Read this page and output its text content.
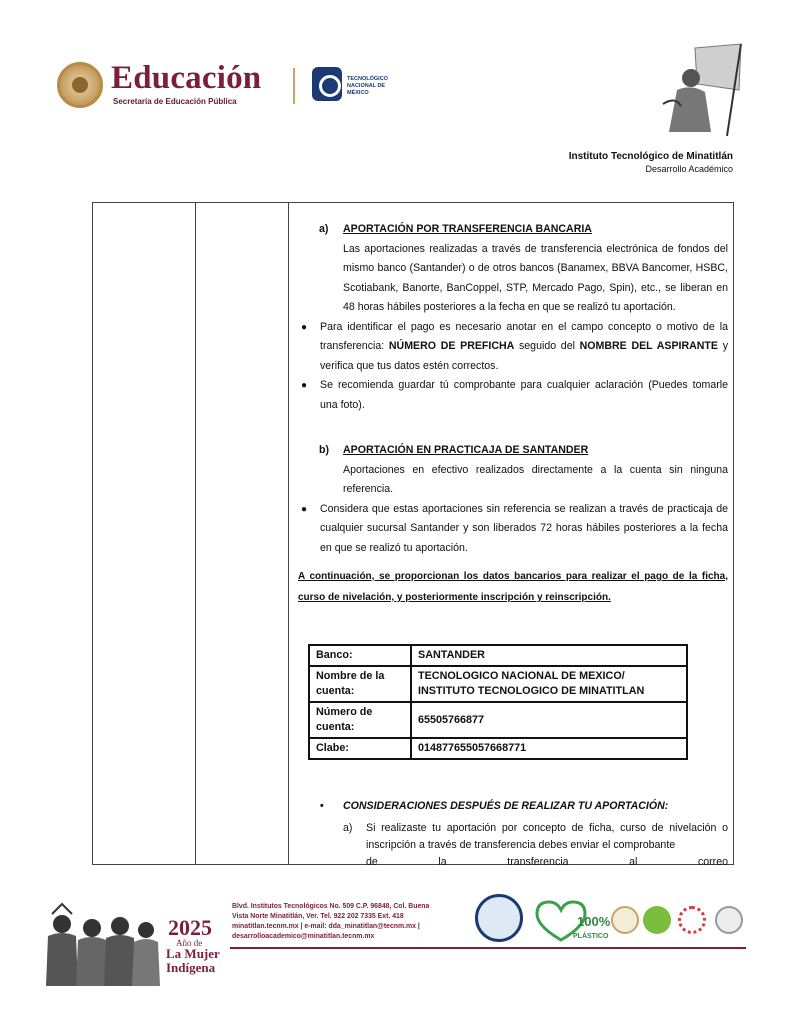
Educación
Secretaría de Educación Pública
TECNOLÓGICO NACIONAL DE MÉXICO
Instituto Tecnológico de Minatitlán
Desarrollo Académico
a) APORTACIÓN POR TRANSFERENCIA BANCARIA
Las aportaciones realizadas a través de transferencia electrónica de fondos del mismo banco (Santander) o de otros bancos (Banamex, BBVA Bancomer, HSBC, Scotiabank, Banorte, BanCoppel, STP, Mercado Pago, Spin), etc., se liberan en 48 horas hábiles posteriores a la fecha en que se realizó tu aportación.
● Para identificar el pago es necesario anotar en el campo concepto o motivo de la transferencia: NÚMERO DE PREFICHA seguido del NOMBRE DEL ASPIRANTE y verifica que tus datos estén correctos.
● Se recomienda guardar tú comprobante para cualquier aclaración (Puedes tomarle una foto).
b) APORTACIÓN EN PRACTICAJA DE SANTANDER
Aportaciones en efectivo realizados directamente a la cuenta sin ninguna referencia.
● Considera que estas aportaciones sin referencia se realizan a través de practicaja de cualquier sucursal Santander y son liberados 72 horas hábiles posteriores a la fecha en que se realizó tu aportación.
A continuación, se proporcionan los datos bancarios para realizar el pago de la ficha, curso de nivelación, y posteriormente inscripción y reinscripción.
Banco:	SANTANDER
Nombre de la cuenta:	TECNOLOGICO NACIONAL DE MEXICO/ INSTITUTO TECNOLOGICO DE MINATITLAN
Número de cuenta:	65505766877
Clabe:	014877655057668771
• CONSIDERACIONES DESPUÉS DE REALIZAR TU APORTACIÓN:
a) Si realizaste tu aportación por concepto de ficha, curso de nivelación o inscripción a través de transferencia debes enviar el comprobante
de la transferencia al correo
2025
Año de
La Mujer
Indígena
Blvd. Institutos Tecnológicos No. 509 C.P. 96848, Col. Buena
Vista Norte Minatitlán, Ver. Tel. 922 202 7335 Ext. 418
minatitlan.tecnm.mx | e-mail: dda_minatitlan@tecnm.mx |
desarrolloacademico@minatitlan.tecnm.mx
100%
PLÁSTICO
